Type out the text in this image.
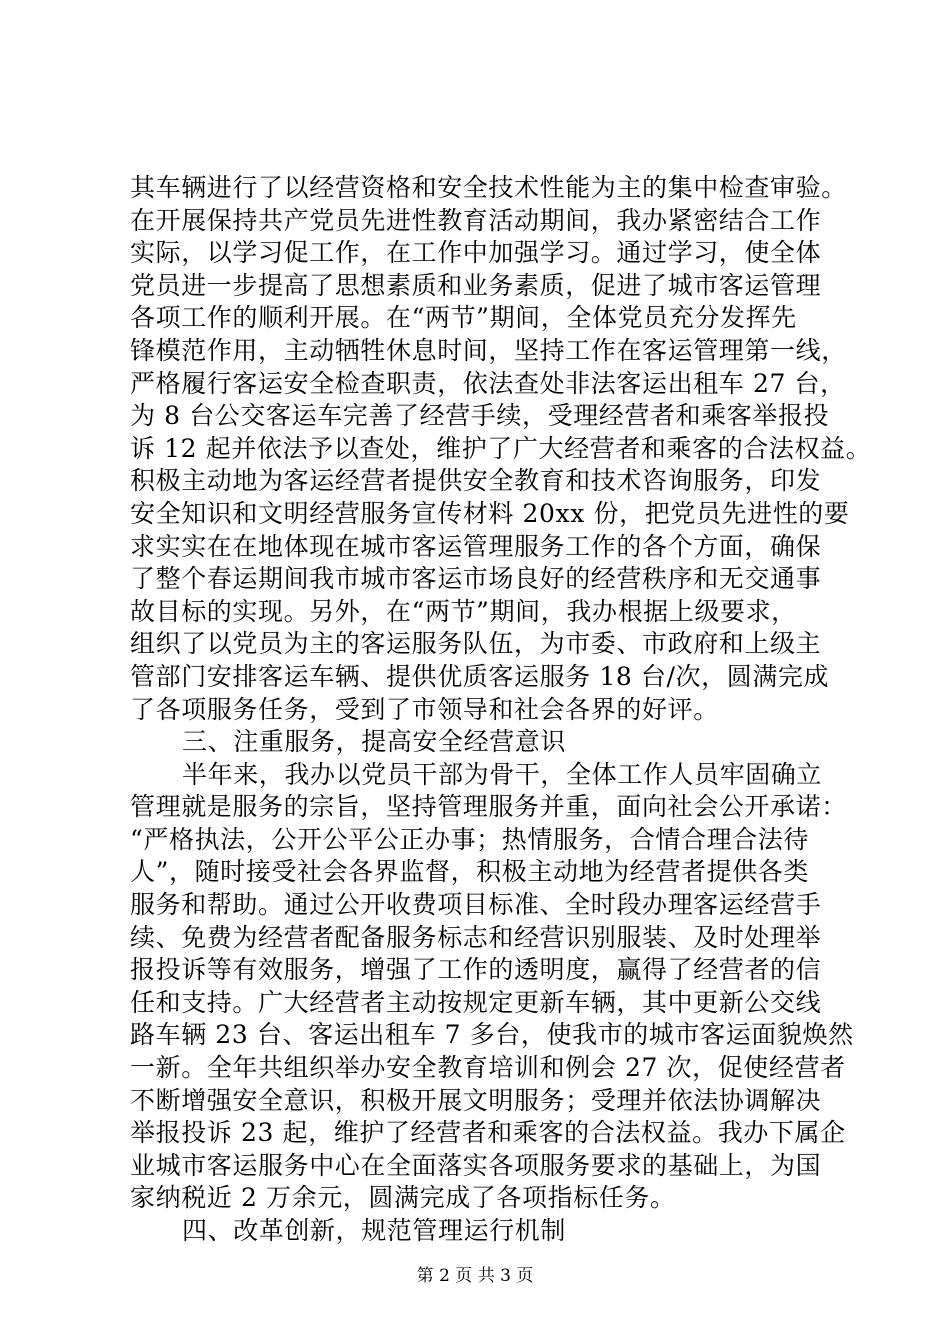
其车辆进行了以经营资格和安全技术性能为主的集中检查审验。
在开展保持共产党员先进性教育活动期间，我办紧密结合工作
实际，以学习促工作，在工作中加强学习。通过学习，使全体
党员进一步提高了思想素质和业务素质，促进了城市客运管理
各项工作的顺利开展。在“两节”期间，全体党员充分发挥先
锋模范作用，主动牺牲休息时间，坚持工作在客运管理第一线，
严格履行客运安全检查职责，依法查处非法客运出租车 27 台，
为 8 台公交客运车完善了经营手续，受理经营者和乘客举报投
诉 12 起并依法予以查处，维护了广大经营者和乘客的合法权益。
积极主动地为客运经营者提供安全教育和技术咨询服务，印发
安全知识和文明经营服务宣传材料 20xx 份，把党员先进性的要
求实实在在地体现在城市客运管理服务工作的各个方面，确保
了整个春运期间我市城市客运市场良好的经营秩序和无交通事
故目标的实现。另外，在“两节”期间，我办根据上级要求，
组织了以党员为主的客运服务队伍，为市委、市政府和上级主
管部门安排客运车辆、提供优质客运服务 18 台/次，圆满完成
了各项服务任务，受到了市领导和社会各界的好评。
三、注重服务，提高安全经营意识
半年来，我办以党员干部为骨干，全体工作人员牢固确立
管理就是服务的宗旨，坚持管理服务并重，面向社会公开承诺：
“严格执法，公开公平公正办事；热情服务，合情合理合法待
人”，随时接受社会各界监督，积极主动地为经营者提供各类
服务和帮助。通过公开收费项目标准、全时段办理客运经营手
续、免费为经营者配备服务标志和经营识别服装、及时处理举
报投诉等有效服务，增强了工作的透明度，赢得了经营者的信
任和支持。广大经营者主动按规定更新车辆，其中更新公交线
路车辆 23 台、客运出租车 7 多台，使我市的城市客运面貌焕然
一新。全年共组织举办安全教育培训和例会 27 次，促使经营者
不断增强安全意识，积极开展文明服务；受理并依法协调解决
举报投诉 23 起，维护了经营者和乘客的合法权益。我办下属企
业城市客运服务中心在全面落实各项服务要求的基础上，为国
家纳税近 2 万余元，圆满完成了各项指标任务。
四、改革创新，规范管理运行机制
第 2 页 共 3 页
